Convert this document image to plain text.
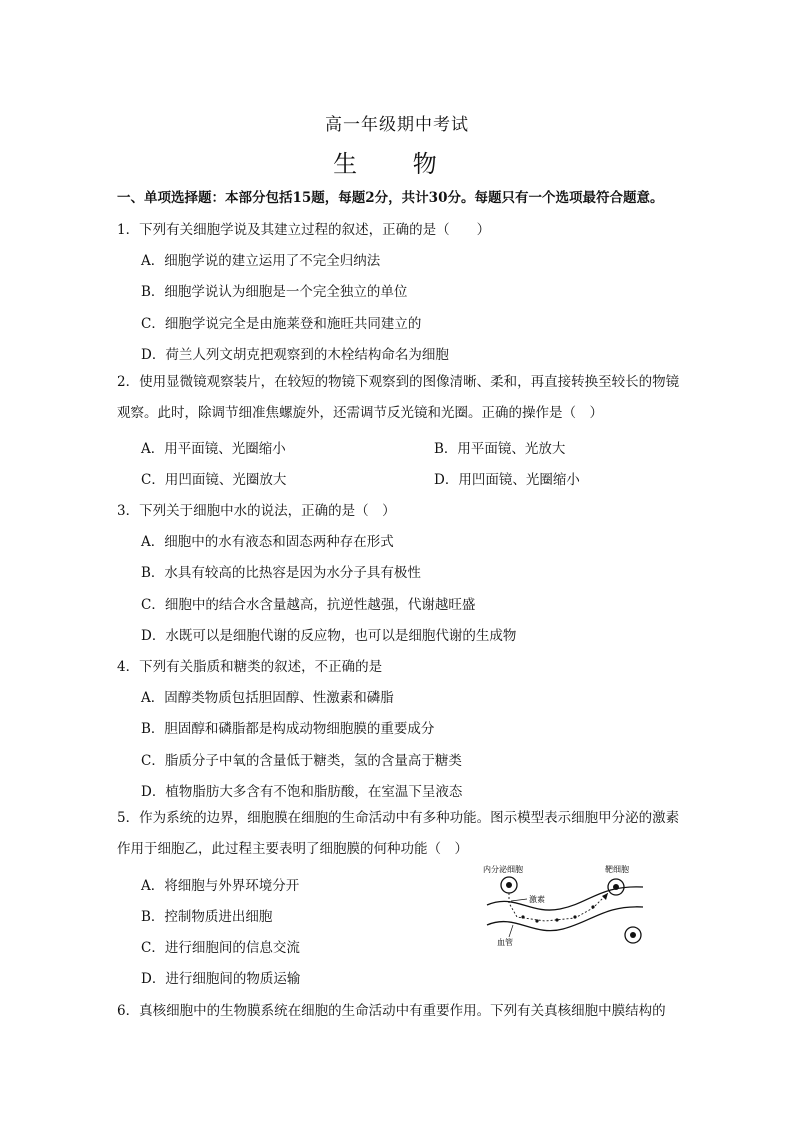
高一年级期中考试
生 物
一、单项选择题：本部分包括15题，每题2分，共计30分。每题只有一个选项最符合题意。
1．下列有关细胞学说及其建立过程的叙述，正确的是（　　）
A．细胞学说的建立运用了不完全归纳法
B．细胞学说认为细胞是一个完全独立的单位
C．细胞学说完全是由施莱登和施旺共同建立的
D．荷兰人列文胡克把观察到的木栓结构命名为细胞
2．使用显微镜观察装片，在较短的物镜下观察到的图像清晰、柔和，再直接转换至较长的物镜观察。此时，除调节细准焦螺旋外，还需调节反光镜和光圈。正确的操作是（　）
A．用平面镜、光圈缩小	B．用平面镜、光放大
C．用凹面镜、光圈放大	D．用凹面镜、光圈缩小
3．下列关于细胞中水的说法，正确的是（　）
A．细胞中的水有液态和固态两种存在形式
B．水具有较高的比热容是因为水分子具有极性
C．细胞中的结合水含量越高，抗逆性越强，代谢越旺盛
D．水既可以是细胞代谢的反应物，也可以是细胞代谢的生成物
4．下列有关脂质和糖类的叙述，不正确的是
A．固醇类物质包括胆固醇、性激素和磷脂
B．胆固醇和磷脂都是构成动物细胞膜的重要成分
C．脂质分子中氧的含量低于糖类，氢的含量高于糖类
D．植物脂肪大多含有不饱和脂肪酸，在室温下呈液态
5．作为系统的边界，细胞膜在细胞的生命活动中有多种功能。图示模型表示细胞甲分泌的激素作用于细胞乙，此过程主要表明了细胞膜的何种功能（　）
A．将细胞与外界环境分开
B．控制物质进出细胞
C．进行细胞间的信息交流
D．进行细胞间的物质运输
内分泌细胞	靶细胞
激素
血管
6．真核细胞中的生物膜系统在细胞的生命活动中有重要作用。下列有关真核细胞中膜结构的
